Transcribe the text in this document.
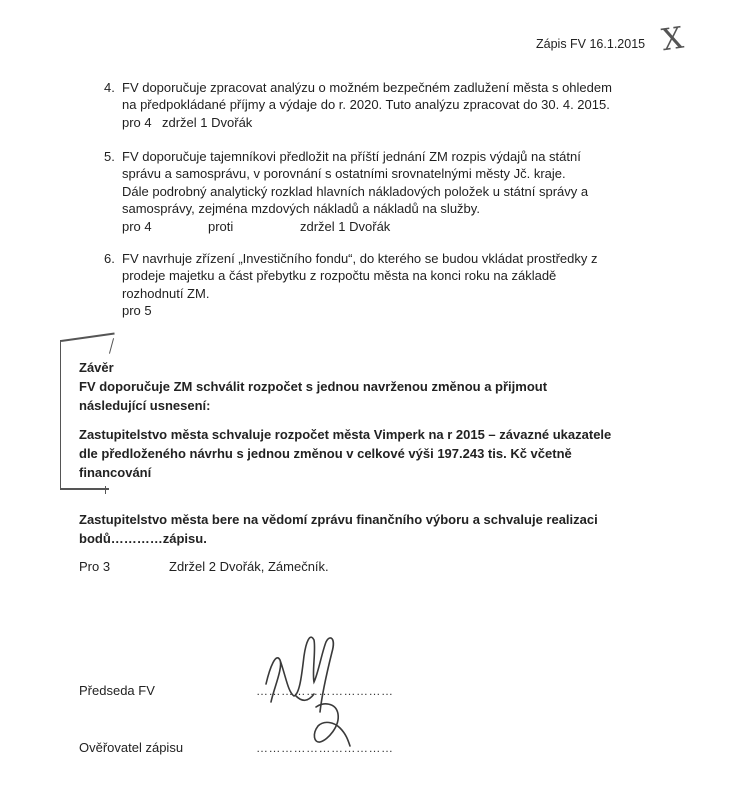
Zápis FV 16.1.2015 X
4. FV doporučuje zpracovat analýzu o možném bezpečném zadlužení města s ohledem
na předpokládané příjmy a výdaje do r. 2020. Tuto analýzu zpracovat do 30. 4. 2015.
pro 4 zdržel 1 Dvořák
5. FV doporučuje tajemníkovi předložit na příští jednání ZM rozpis výdajů na státní
správu a samosprávu, v porovnání s ostatními srovnatelnými městy Jč. kraje.
Dále podrobný analytický rozklad hlavních nákladových položek u státní správy a
samosprávy, zejména mzdových nákladů a nákladů na služby.
pro 4	proti	zdržel 1 Dvořák
6. FV navrhuje zřízení „Investičního fondu“, do kterého se budou vkládat prostředky z
prodeje majetku a část přebytku z rozpočtu města na konci roku na základě
rozhodnutí ZM.
pro 5
Závěr
FV doporučuje ZM schválit rozpočet s jednou navrženou změnou a přijmout
následující usnesení:
Zastupitelstvo města schvaluje rozpočet města Vimperk na r 2015 – závazné ukazatele
dle předloženého návrhu s jednou změnou v celkové výši 197.243 tis. Kč včetně
financování
Zastupitelstvo města bere na vědomí zprávu finančního výboru a schvaluje realizaci
bodů…………zápisu.
Pro 3	Zdržel 2 Dvořák, Zámečník.
Předseda FV	……………………………
Ověřovatel zápisu	……………………………
